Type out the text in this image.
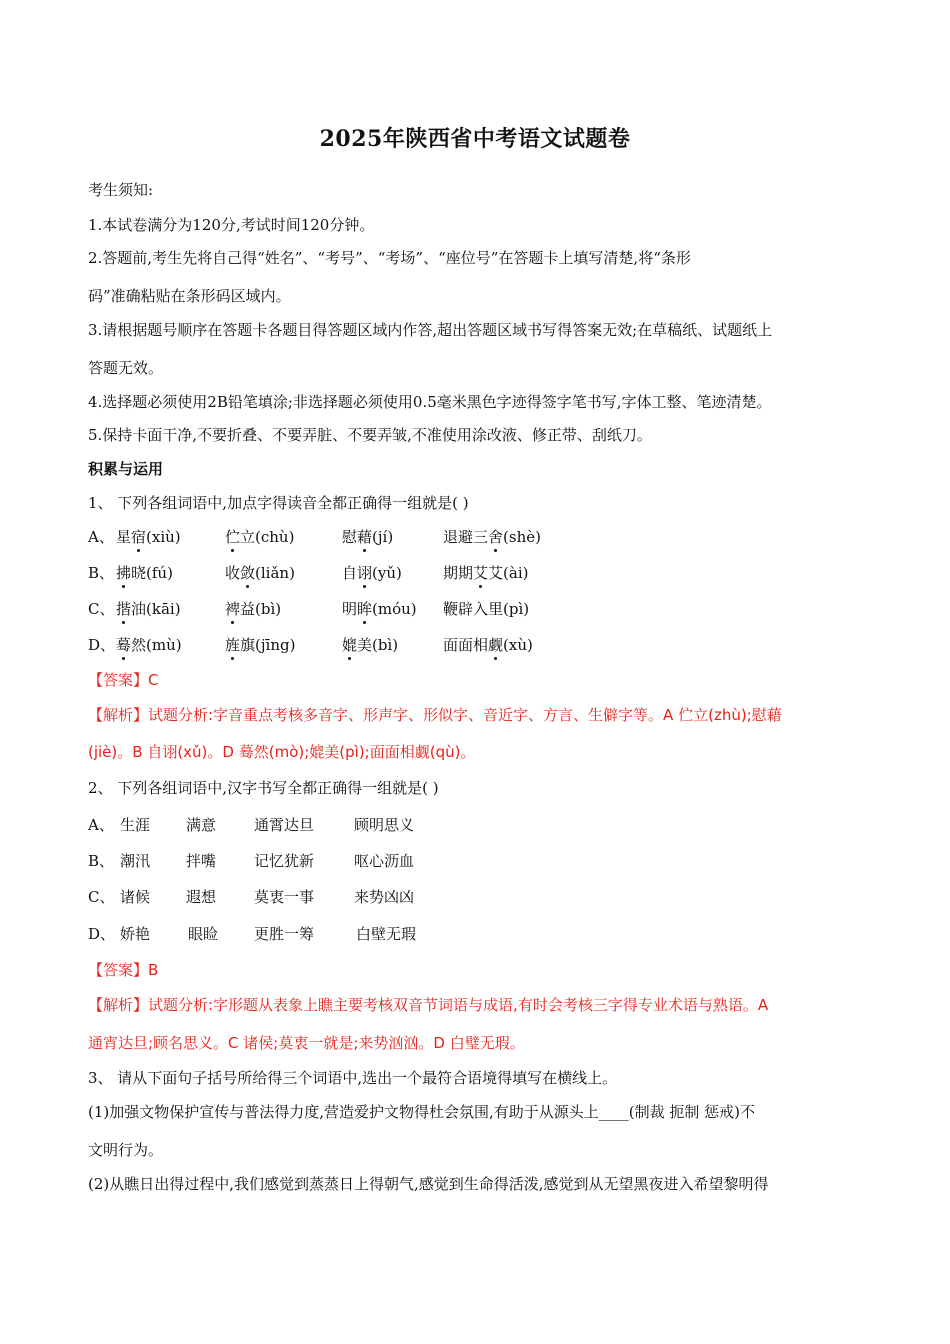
2025年陕西省中考语文试题卷
考生须知:
1.本试卷满分为120分,考试时间120分钟。
2.答题前,考生先将自己得“姓名”、“考号”、“考场”、“座位号”在答题卡上填写清楚,将“条形
码”准确粘贴在条形码区域内。
3.请根据题号顺序在答题卡各题目得答题区域内作答,超出答题区域书写得答案无效;在草稿纸、试题纸上
答题无效。
4.选择题必须使用2B铅笔填涂;非选择题必须使用0.5毫米黑色字迹得签字笔书写,字体工整、笔迹清楚。
5.保持卡面干净,不要折叠、不要弄脏、不要弄皱,不准使用涂改液、修正带、刮纸刀。
积累与运用
1、 下列各组词语中,加点字得读音全都正确得一组就是( )
A、 星宿(xiù)	伫立(chù)	慰藉(jí)	退避三舍(shè)
B、 拂晓(fú)	收敛(liǎn)	自诩(yǔ)	期期艾艾(ài)
C、 揩油(kāi)	裨益(bì)	明眸(móu) 鞭辟入里(pì)
D、 蓦然(mù)	旌旗(jīng)	媲美(bì)	面面相觑(xù)
【答案】C
【解析】试题分析:字音重点考核多音字、形声字、形似字、音近字、方言、生僻字等。A 伫立(zhù);慰藉
(jiè)。B 自诩(xǔ)。D 蓦然(mò);媲美(pì);面面相觑(qù)。
2、 下列各组词语中,汉字书写全都正确得一组就是( )
A、 生涯 满意	通霄达旦	顾明思义
B、 潮汛 拌嘴	记忆犹新	呕心沥血
C、 诸候 遐想	莫衷一事	来势凶凶
D、 娇艳	眼睑 更胜一筹	白壁无瑕
【答案】B
【解析】试题分析:字形题从表象上瞧主要考核双音节词语与成语,有时会考核三字得专业术语与熟语。A
通宵达旦;顾名思义。C 诸侯;莫衷一就是;来势汹汹。D 白璧无瑕。
3、 请从下面句子括号所给得三个词语中,选出一个最符合语境得填写在横线上。
(1)加强文物保护宣传与普法得力度,营造爱护文物得杜会氛围,有助于从源头上____(制裁 扼制 惩戒)不
文明行为。
(2)从瞧日出得过程中,我们感觉到蒸蒸日上得朝气,感觉到生命得活泼,感觉到从无望黑夜进入希望黎明得
